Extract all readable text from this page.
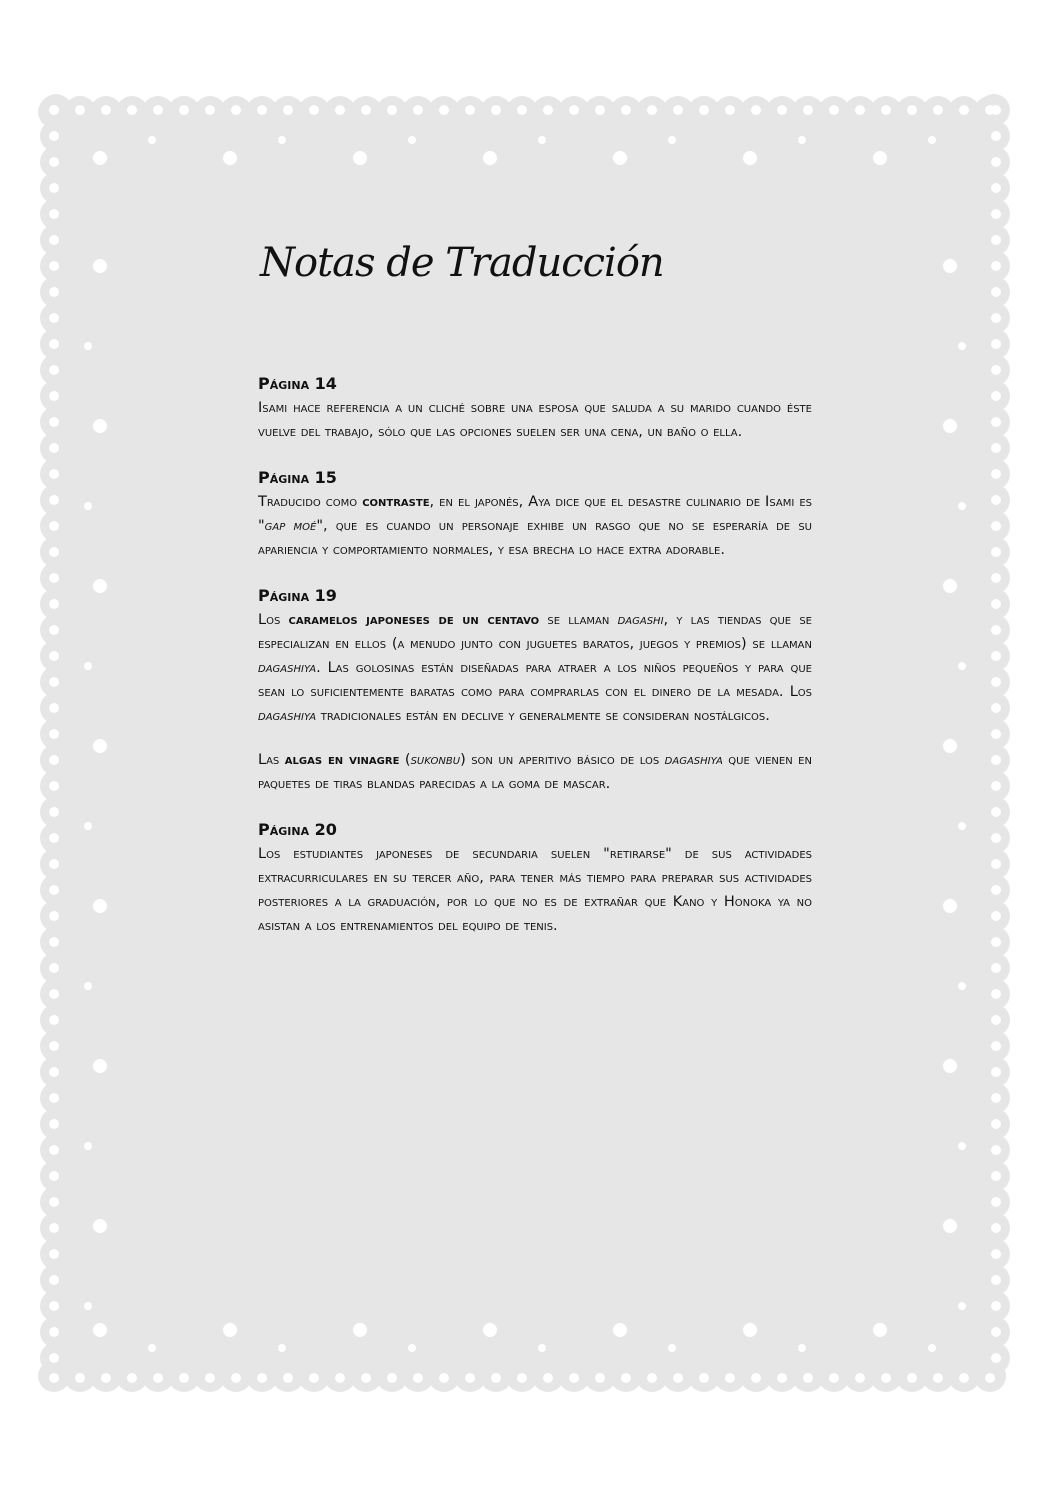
Notas de Traducción
Página 14

Isami hace referencia a un cliché sobre una esposa que saluda a su marido cuando éste vuelve del trabajo, sólo que las opciones suelen ser una cena, un baño o ella.

Página 15

Traducido como contraste, en el japonés, Aya dice que el desastre culinario de Isami es "gap moé", que es cuando un personaje exhibe un rasgo que no se esperaría de su apariencia y comportamiento normales, y esa brecha lo hace extra adorable.

Página 19

Los caramelos japoneses de un centavo se llaman dagashi, y las tiendas que se especializan en ellos (a menudo junto con juguetes baratos, juegos y premios) se llaman dagashiya. Las golosinas están diseñadas para atraer a los niños pequeños y para que sean lo suficientemente baratas como para comprarlas con el dinero de la mesada. Los dagashiya tradicionales están en declive y generalmente se consideran nostálgicos.

Las algas en vinagre (sukonbu) son un aperitivo básico de los dagashiya que vienen en paquetes de tiras blandas parecidas a la goma de mascar.

Página 20

Los estudiantes japoneses de secundaria suelen "retirarse" de sus actividades extracurriculares en su tercer año, para tener más tiempo para preparar sus actividades posteriores a la graduación, por lo que no es de extrañar que Kano y Honoka ya no asistan a los entrenamientos del equipo de tenis.
